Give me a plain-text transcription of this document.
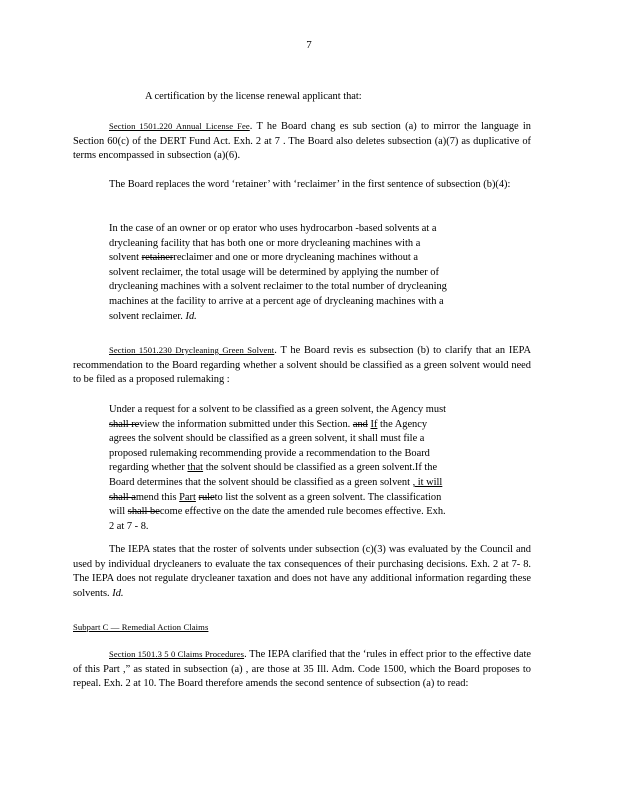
7
A certification by the license renewal applicant that:
Section 1501.220 Annual License Fee. T he Board chang es sub section (a) to mirror the language in Section 60(c) of the DERT Fund Act. Exh. 2 at 7 . The Board also deletes subsection (a)(7) as duplicative of terms encompassed in subsection (a)(6).
The Board replaces the word ‘retainer’ with ‘reclaimer’ in the first sentence of subsection (b)(4):
In the case of an owner or op erator who uses hydrocarbon -based solvents at a
drycleaning facility that has both one or more drycleaning machines with a
solvent retainerreclaimer and one or more drycleaning machines without a
solvent reclaimer, the total usage will be determined by applying the number of
drycleaning machines with a solvent reclaimer to the total number of drycleaning
machines at the facility to arrive at a percent age of drycleaning machines with a
solvent reclaimer. Id.
Section 1501.230 Drycleaning Green Solvent. T he Board revis es subsection (b) to clarify that an IEPA recommendation to the Board regarding whether a solvent should be classified as a green solvent would need to be filed as a proposed rulemaking :
Under a request for a solvent to be classified as a green solvent, the Agency must
shall review the information submitted under this Section. and If the Agency
agrees the solvent should be classified as a green solvent, it shall must file a
proposed rulemaking recommending provide a recommendation to the Board
regarding whether that the solvent should be classified as a green solvent.If the
Board determines that the solvent should be classified as a green solvent , it will
shall amend this Part ruleto list the solvent as a green solvent. The classification
will shall become effective on the date the amended rule becomes effective. Exh.
2 at 7 - 8.
The IEPA states that the roster of solvents under subsection (c)(3) was evaluated by the Council and used by individual drycleaners to evaluate the tax consequences of their purchasing decisions. Exh. 2 at 7- 8. The IEPA does not regulate drycleaner taxation and does not have any additional information regarding these solvents. Id.
Subpart C — Remedial Action Claims
Section 1501.3 5 0 Claims Procedures. The IEPA clarified that the ‘rules in effect prior to the effective date of this Part ,” as stated in subsection (a) , are those at 35 Ill. Adm. Code 1500, which the Board proposes to repeal. Exh. 2 at 10. The Board therefore amends the second sentence of subsection (a) to read:
